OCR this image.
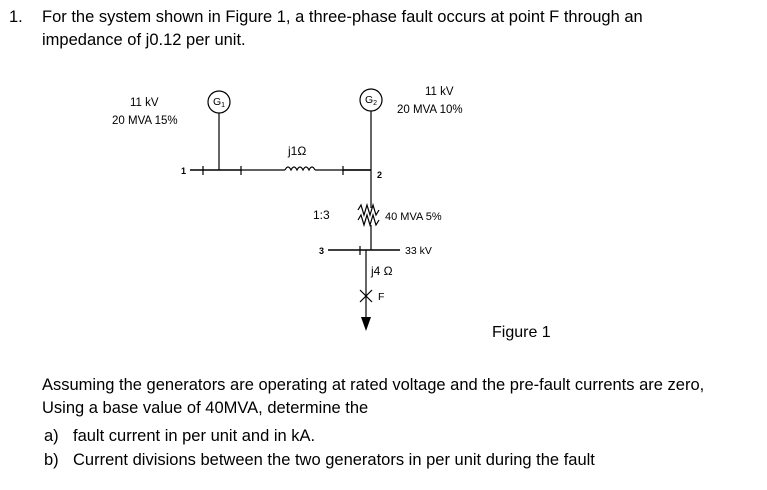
1. For the system shown in Figure 1, a three-phase fault occurs at point F through an
impedance of j0.12 per unit.
11 kV
20 MVA 15%
G1	G2
11 kV
20 MVA 10%
j1Ω
1	2
3
1:3	40 MVA 5%
33 kV
j4 Ω
F
Figure 1
Assuming the generators are operating at rated voltage and the pre-fault currents are zero,
Using a base value of 40MVA, determine the
a) fault current in per unit and in kA.
b) Current divisions between the two generators in per unit during the fault
